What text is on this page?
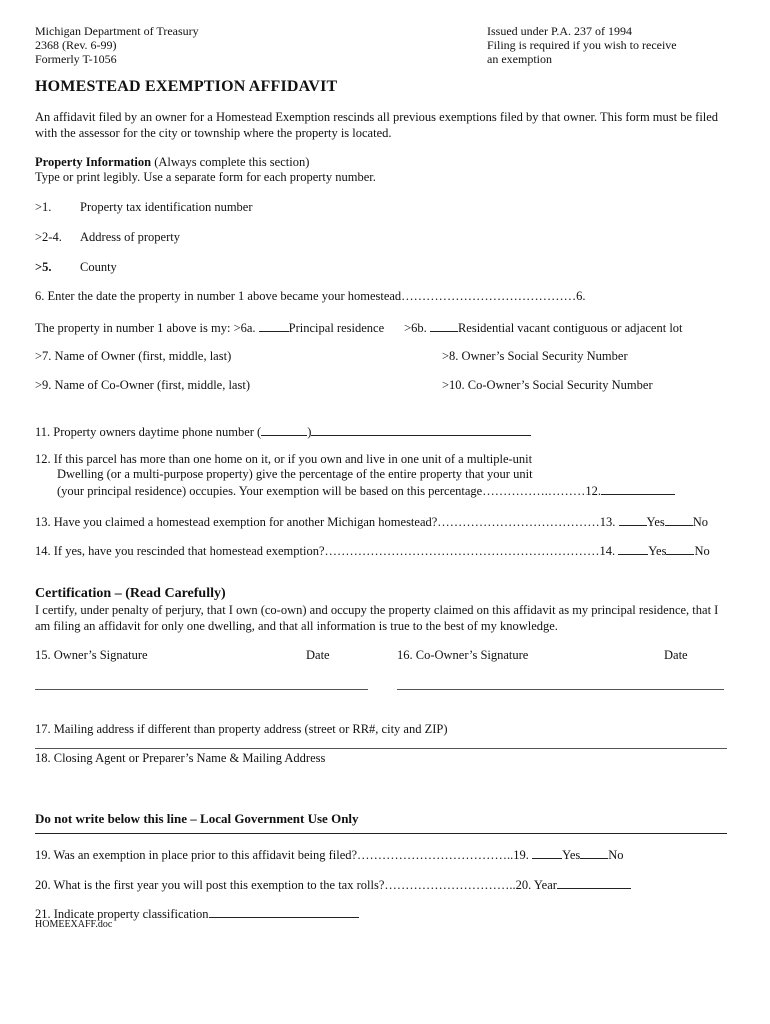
Michigan Department of Treasury
2368 (Rev. 6-99)
Formerly T-1056
Issued under P.A. 237 of 1994
Filing is required if you wish to receive
an exemption
HOMESTEAD EXEMPTION AFFIDAVIT
An affidavit filed by an owner for a Homestead Exemption rescinds all previous exemptions filed by that owner. This form must be filed with the assessor for the city or township where the property is located.
Property Information (Always complete this section)
Type or print legibly. Use a separate form for each property number.
>1. Property tax identification number
>2-4. Address of property
>5. County
6. Enter the date the property in number 1 above became your homestead……………………………………6.
The property in number 1 above is my: >6a. Principal residence >6b. Residential vacant contiguous or adjacent lot
>7. Name of Owner (first, middle, last)	>8. Owner’s Social Security Number
>9. Name of Co-Owner (first, middle, last)	>10. Co-Owner’s Social Security Number
11. Property owners daytime phone number (	)
12. If this parcel has more than one home on it, or if you own and live in one unit of a multiple-unit
Dwelling (or a multi-purpose property) give the percentage of the entire property that your unit
(your principal residence) occupies. Your exemption will be based on this percentage…………….………12.
13. Have you claimed a homestead exemption for another Michigan homestead?…………………………………13. Yes No
14. If yes, have you rescinded that homestead exemption?…………………………………………………………14. Yes No
Certification – (Read Carefully)
I certify, under penalty of perjury, that I own (co-own) and occupy the property claimed on this affidavit as my principal residence, that I am filing an affidavit for only one dwelling, and that all information is true to the best of my knowledge.
15. Owner’s Signature	Date	16. Co-Owner’s Signature	Date
17. Mailing address if different than property address (street or RR#, city and ZIP)
18. Closing Agent or Preparer’s Name & Mailing Address
Do not write below this line – Local Government Use Only
19. Was an exemption in place prior to this affidavit being filed?………………………………..19. Yes No
20. What is the first year you will post this exemption to the tax rolls?…………………………..20. Year
21. Indicate property classification
HOMEEXAFF.doc
